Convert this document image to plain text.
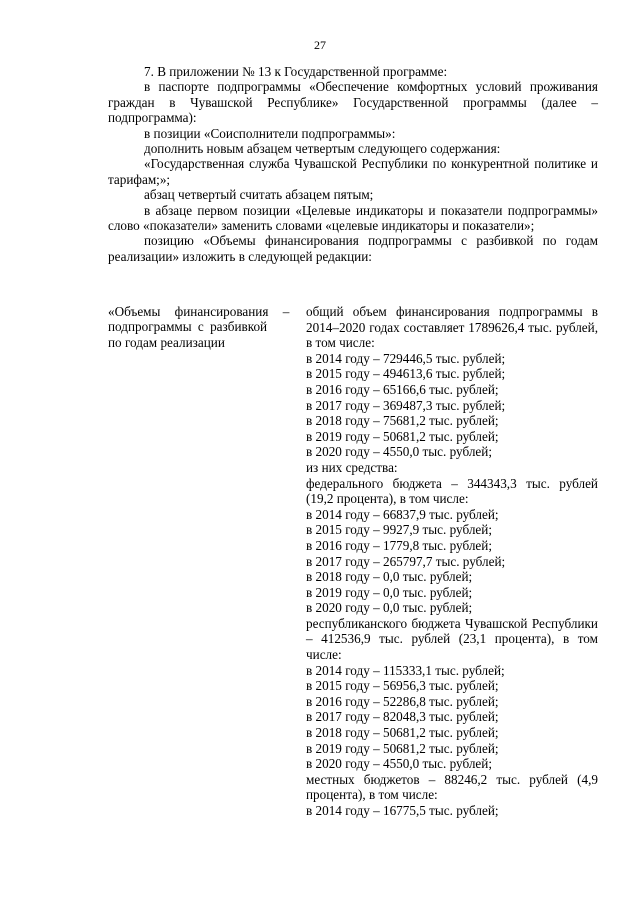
27

7. В приложении № 13 к Государственной программе:

в паспорте подпрограммы «Обеспечение комфортных условий проживания граждан в Чувашской Республике» Государственной программы (далее – подпрограмма):

в позиции «Соисполнители подпрограммы»:

дополнить новым абзацем четвертым следующего содержания:

«Государственная служба Чувашской Республики по конкурентной политике и тарифам;»;

абзац четвертый считать абзацем пятым;

в абзаце первом позиции «Целевые индикаторы и показатели подпрограммы» слово «показатели» заменить словами «целевые индикаторы и показатели»;

позицию «Объемы финансирования подпрограммы с разбивкой по годам реализации» изложить в следующей редакции:

«Объемы финансирования –
подпрограммы с разбивкой
по годам реализации
общий объем финансирования подпрограммы в 2014–2020 годах составляет 1789626,4 тыс. рублей, в том числе:
в 2014 году – 729446,5 тыс. рублей;
в 2015 году – 494613,6 тыс. рублей;
в 2016 году – 65166,6 тыс. рублей;
в 2017 году – 369487,3 тыс. рублей;
в 2018 году – 75681,2 тыс. рублей;
в 2019 году – 50681,2 тыс. рублей;
в 2020 году – 4550,0 тыс. рублей;
из них средства:
федерального бюджета – 344343,3 тыс. рублей (19,2 процента), в том числе:
в 2014 году – 66837,9 тыс. рублей;
в 2015 году – 9927,9 тыс. рублей;
в 2016 году – 1779,8 тыс. рублей;
в 2017 году – 265797,7 тыс. рублей;
в 2018 году – 0,0 тыс. рублей;
в 2019 году – 0,0 тыс. рублей;
в 2020 году – 0,0 тыс. рублей;
республиканского бюджета Чувашской Республики – 412536,9 тыс. рублей (23,1 процента), в том числе:
в 2014 году – 115333,1 тыс. рублей;
в 2015 году – 56956,3 тыс. рублей;
в 2016 году – 52286,8 тыс. рублей;
в 2017 году – 82048,3 тыс. рублей;
в 2018 году – 50681,2 тыс. рублей;
в 2019 году – 50681,2 тыс. рублей;
в 2020 году – 4550,0 тыс. рублей;
местных бюджетов – 88246,2 тыс. рублей (4,9 процента), в том числе:
в 2014 году – 16775,5 тыс. рублей;
